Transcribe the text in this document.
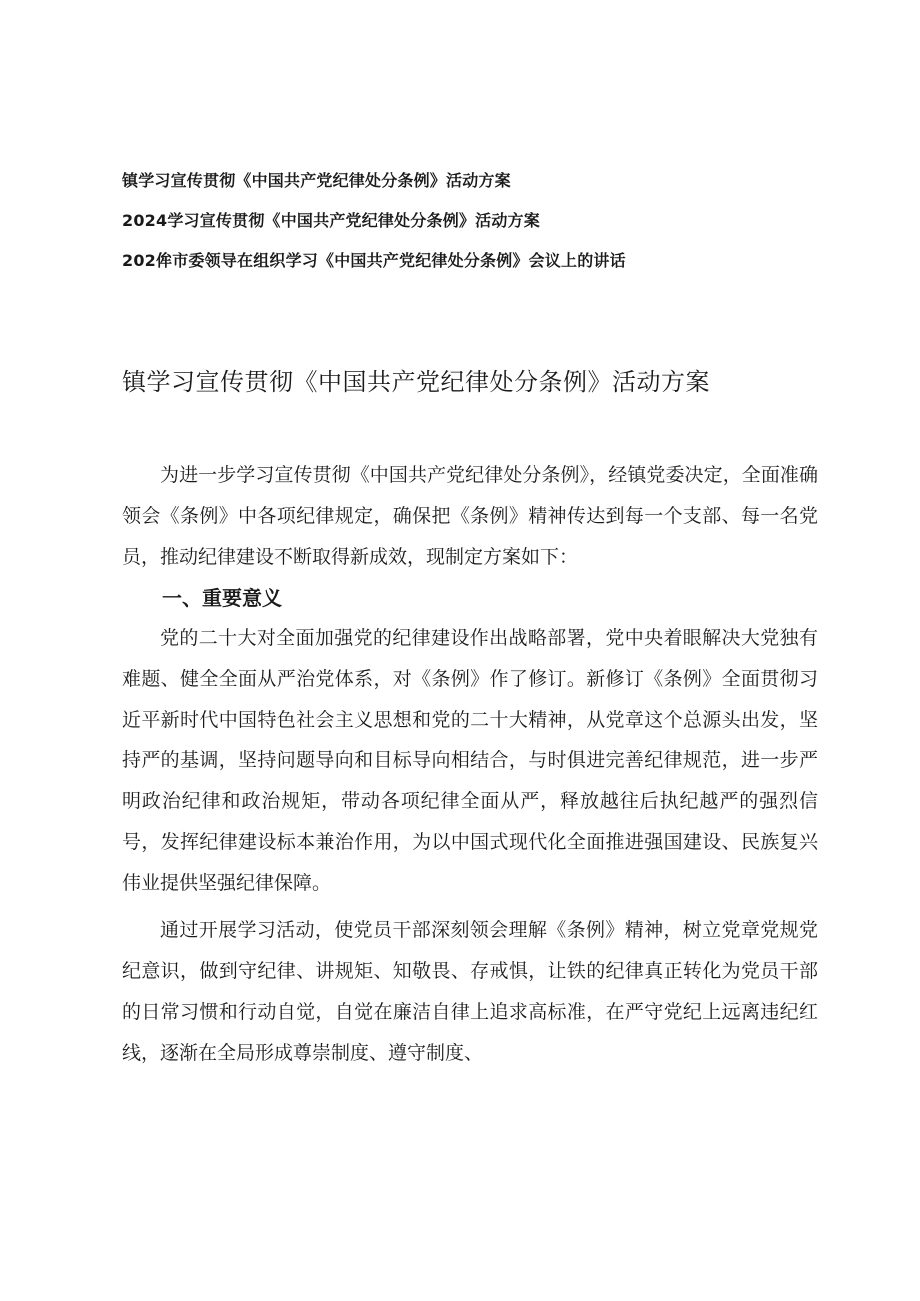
镇学习宣传贯彻《中国共产党纪律处分条例》活动方案
2024学习宣传贯彻《中国共产党纪律处分条例》活动方案
202侔市委领导在组织学习《中国共产党纪律处分条例》会议上的讲话
镇学习宣传贯彻《中国共产党纪律处分条例》活动方案

为进一步学习宣传贯彻《中国共产党纪律处分条例》，经镇党委决定，全面准确领会《条例》中各项纪律规定，确保把《条例》精神传达到每一个支部、每一名党员，推动纪律建设不断取得新成效，现制定方案如下：

一、重要意义

党的二十大对全面加强党的纪律建设作出战略部署，党中央着眼解决大党独有难题、健全全面从严治党体系，对《条例》作了修订。新修订《条例》全面贯彻习近平新时代中国特色社会主义思想和党的二十大精神，从党章这个总源头出发，坚持严的基调，坚持问题导向和目标导向相结合，与时俱进完善纪律规范，进一步严明政治纪律和政治规矩，带动各项纪律全面从严，释放越往后执纪越严的强烈信号，发挥纪律建设标本兼治作用，为以中国式现代化全面推进强国建设、民族复兴伟业提供坚强纪律保障。

通过开展学习活动，使党员干部深刻领会理解《条例》精神，树立党章党规党纪意识，做到守纪律、讲规矩、知敬畏、存戒惧，让铁的纪律真正转化为党员干部的日常习惯和行动自觉，自觉在廉洁自律上追求高标准，在严守党纪上远离违纪红线，逐渐在全局形成尊崇制度、遵守制度、
